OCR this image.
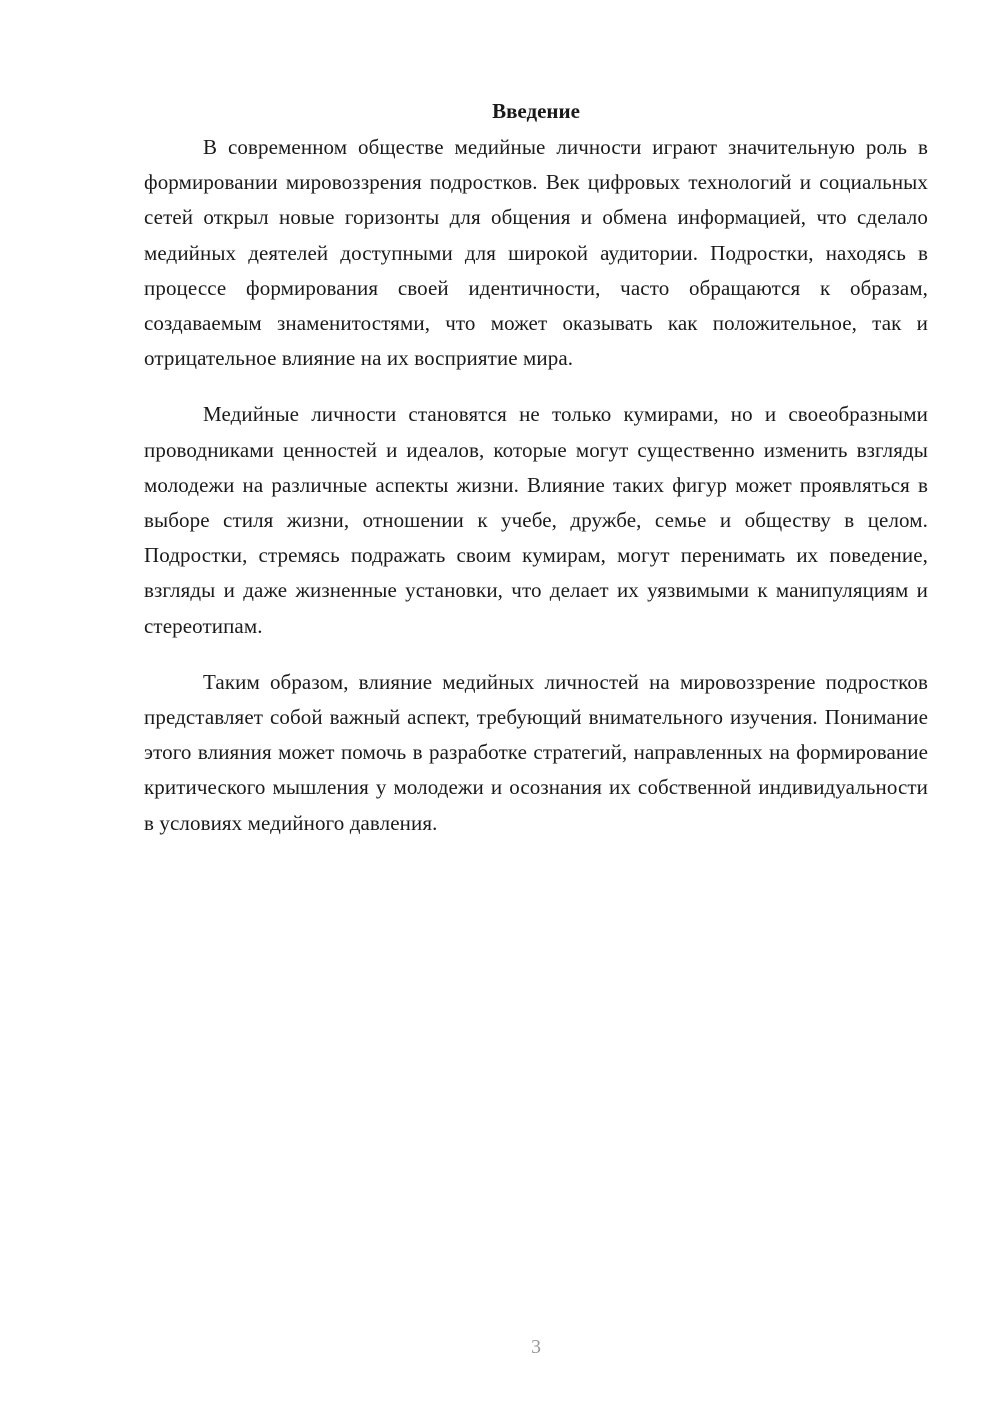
Введение

В современном обществе медийные личности играют значительную роль в формировании мировоззрения подростков. Век цифровых технологий и социальных сетей открыл новые горизонты для общения и обмена информацией, что сделало медийных деятелей доступными для широкой аудитории. Подростки, находясь в процессе формирования своей идентичности, часто обращаются к образам, создаваемым знаменитостями, что может оказывать как положительное, так и отрицательное влияние на их восприятие мира.

Медийные личности становятся не только кумирами, но и своеобразными проводниками ценностей и идеалов, которые могут существенно изменить взгляды молодежи на различные аспекты жизни. Влияние таких фигур может проявляться в выборе стиля жизни, отношении к учебе, дружбе, семье и обществу в целом. Подростки, стремясь подражать своим кумирам, могут перенимать их поведение, взгляды и даже жизненные установки, что делает их уязвимыми к манипуляциям и стереотипам.

Таким образом, влияние медийных личностей на мировоззрение подростков представляет собой важный аспект, требующий внимательного изучения. Понимание этого влияния может помочь в разработке стратегий, направленных на формирование критического мышления у молодежи и осознания их собственной индивидуальности в условиях медийного давления.

3
